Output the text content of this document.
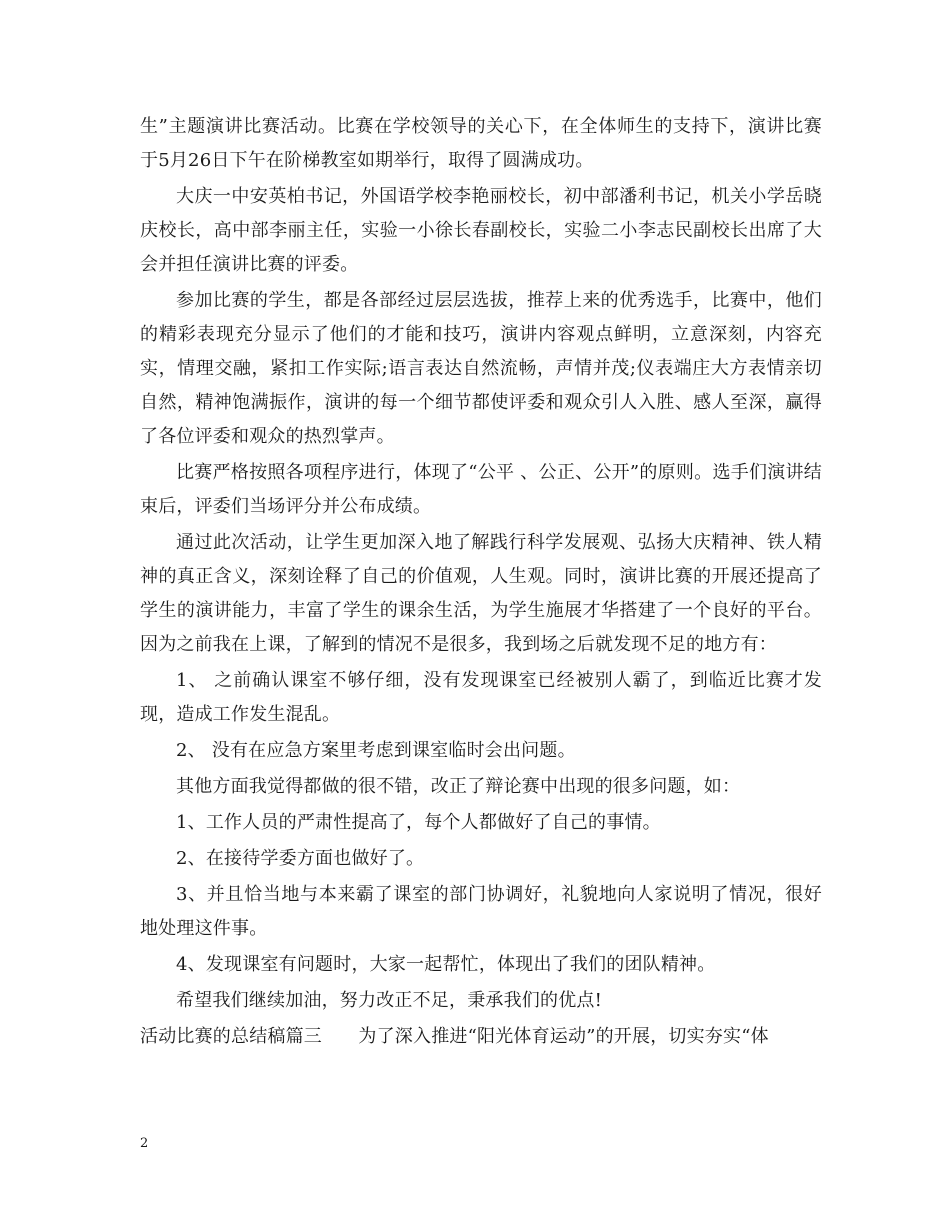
生”主题演讲比赛活动。比赛在学校领导的关心下，在全体师生的支持下，演讲比赛于5月26日下午在阶梯教室如期举行，取得了圆满成功。

大庆一中安英柏书记，外国语学校李艳丽校长，初中部潘利书记，机关小学岳晓庆校长，高中部李丽主任，实验一小徐长春副校长，实验二小李志民副校长出席了大会并担任演讲比赛的评委。

参加比赛的学生，都是各部经过层层选拔，推荐上来的优秀选手，比赛中，他们的精彩表现充分显示了他们的才能和技巧，演讲内容观点鲜明，立意深刻，内容充实，情理交融，紧扣工作实际;语言表达自然流畅，声情并茂;仪表端庄大方表情亲切自然，精神饱满振作，演讲的每一个细节都使评委和观众引人入胜、感人至深，赢得了各位评委和观众的热烈掌声。

比赛严格按照各项程序进行，体现了“公平 、公正、公开”的原则。选手们演讲结束后，评委们当场评分并公布成绩。

通过此次活动，让学生更加深入地了解践行科学发展观、弘扬大庆精神、铁人精神的真正含义，深刻诠释了自己的价值观，人生观。同时，演讲比赛的开展还提高了学生的演讲能力，丰富了学生的课余生活，为学生施展才华搭建了一个良好的平台。 因为之前我在上课，了解到的情况不是很多，我到场之后就发现不足的地方有：

1、 之前确认课室不够仔细，没有发现课室已经被别人霸了，到临近比赛才发现，造成工作发生混乱。

2、 没有在应急方案里考虑到课室临时会出问题。

其他方面我觉得都做的很不错，改正了辩论赛中出现的很多问题，如：

1、工作人员的严肃性提高了，每个人都做好了自己的事情。

2、在接待学委方面也做好了。

3、并且恰当地与本来霸了课室的部门协调好，礼貌地向人家说明了情况，很好地处理这件事。

4、发现课室有问题时，大家一起帮忙，体现出了我们的团队精神。

希望我们继续加油，努力改正不足，秉承我们的优点!

活动比赛的总结稿篇三　　为了深入推进“阳光体育运动”的开展，切实夯实“体

2
